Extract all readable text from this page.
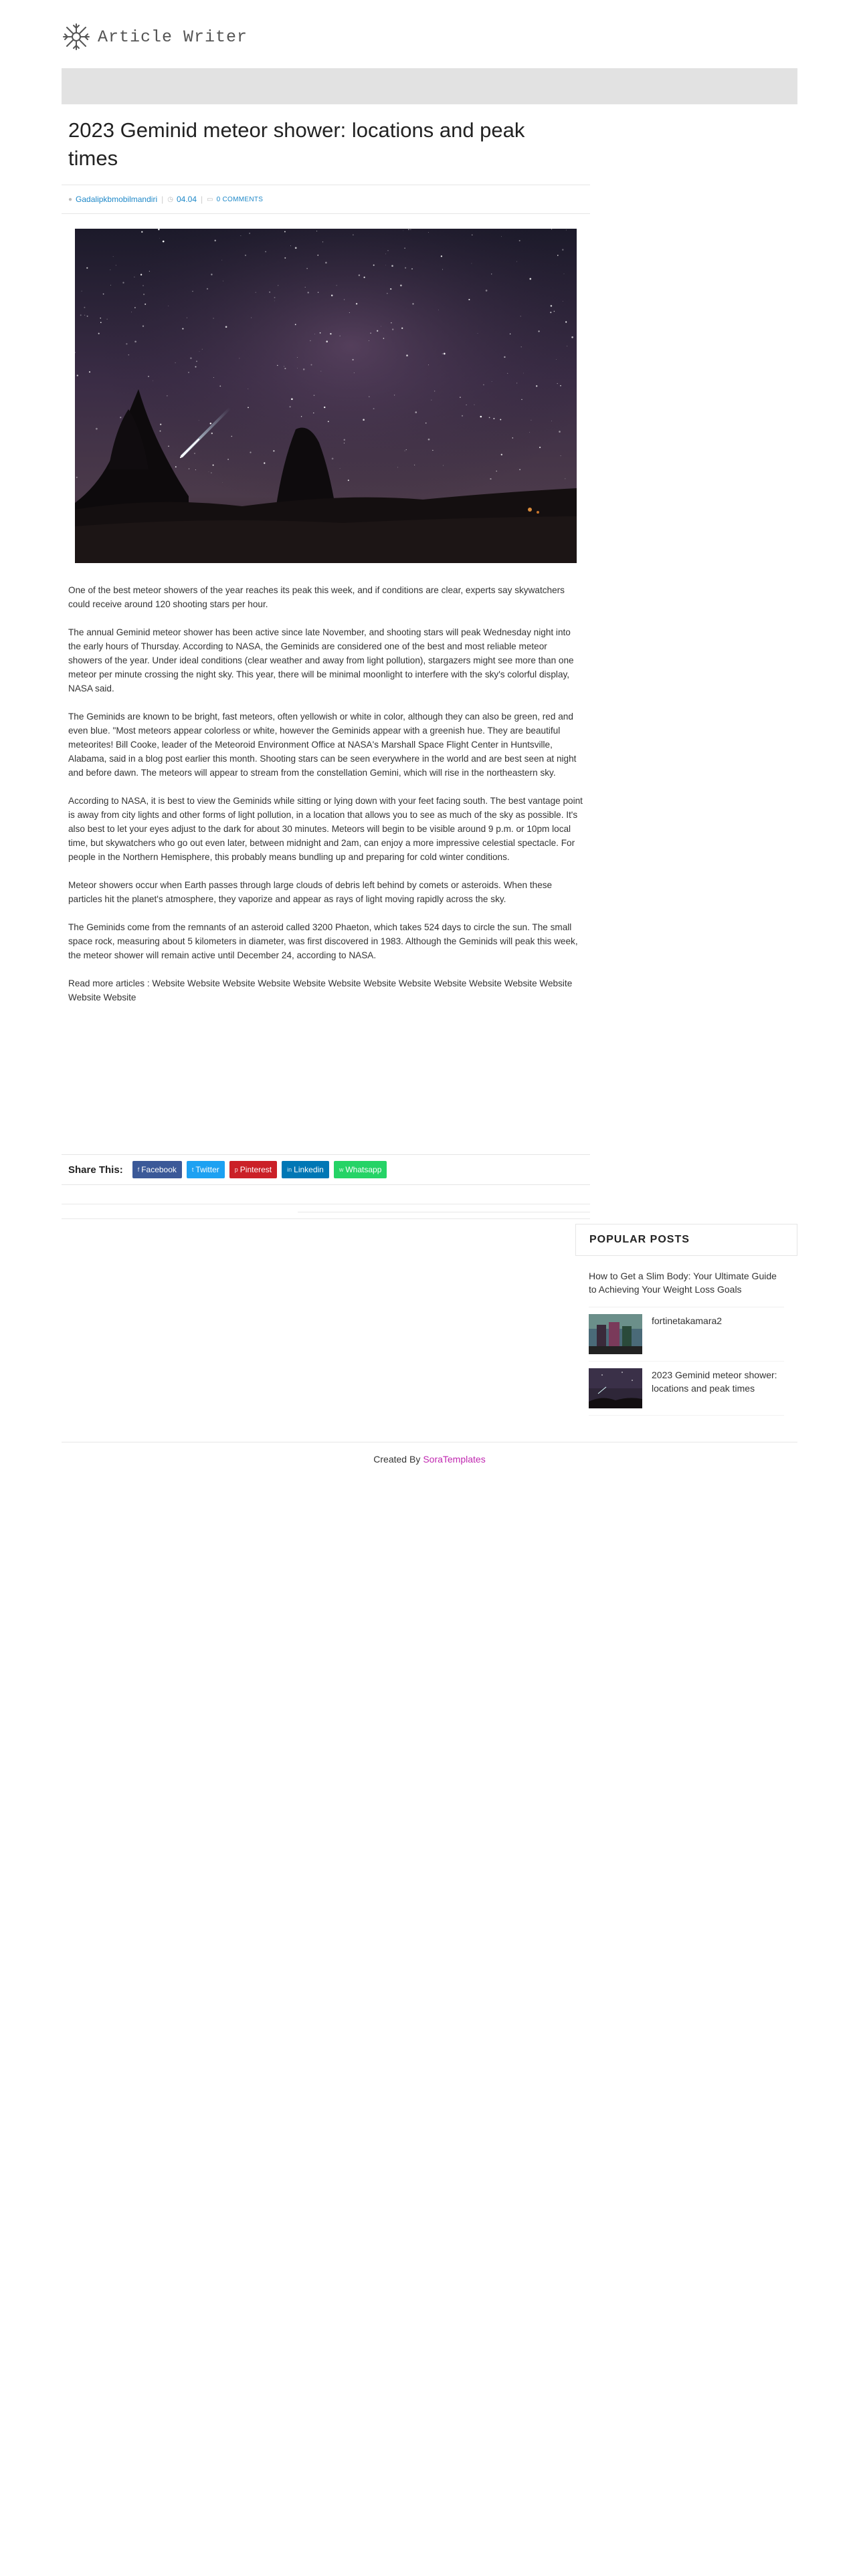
Article Writer
2023 Geminid meteor shower: locations and peak times
● Gadalipkbmobilmandiri | ◷ 04.04 | ▭ 0 COMMENTS

One of the best meteor showers of the year reaches its peak this week, and if conditions are clear, experts say skywatchers could receive around 120 shooting stars per hour.

The annual Geminid meteor shower has been active since late November, and shooting stars will peak Wednesday night into the early hours of Thursday. According to NASA, the Geminids are considered one of the best and most reliable meteor showers of the year. Under ideal conditions (clear weather and away from light pollution), stargazers might see more than one meteor per minute crossing the night sky. This year, there will be minimal moonlight to interfere with the sky's colorful display, NASA said.

The Geminids are known to be bright, fast meteors, often yellowish or white in color, although they can also be green, red and even blue. "Most meteors appear colorless or white, however the Geminids appear with a greenish hue. They are beautiful meteorites! Bill Cooke, leader of the Meteoroid Environment Office at NASA's Marshall Space Flight Center in Huntsville, Alabama, said in a blog post earlier this month. Shooting stars can be seen everywhere in the world and are best seen at night and before dawn. The meteors will appear to stream from the constellation Gemini, which will rise in the northeastern sky.

According to NASA, it is best to view the Geminids while sitting or lying down with your feet facing south. The best vantage point is away from city lights and other forms of light pollution, in a location that allows you to see as much of the sky as possible. It's also best to let your eyes adjust to the dark for about 30 minutes. Meteors will begin to be visible around 9 p.m. or 10pm local time, but skywatchers who go out even later, between midnight and 2am, can enjoy a more impressive celestial spectacle. For people in the Northern Hemisphere, this probably means bundling up and preparing for cold winter conditions.

Meteor showers occur when Earth passes through large clouds of debris left behind by comets or asteroids. When these particles hit the planet's atmosphere, they vaporize and appear as rays of light moving rapidly across the sky.

The Geminids come from the remnants of an asteroid called 3200 Phaeton, which takes 524 days to circle the sun. The small space rock, measuring about 5 kilometers in diameter, was first discovered in 1983. Although the Geminids will peak this week, the meteor shower will remain active until December 24, according to NASA.

Read more articles : Website Website Website Website Website Website Website Website Website Website Website Website Website Website
Share This: f Facebook	t Twitter	p Pinterest	in Linkedin	w Whatsapp
POPULAR POSTS
How to Get a Slim Body: Your Ultimate Guide to Achieving Your Weight Loss Goals
fortinetakamara2
2023 Geminid meteor shower: locations and peak times
Created By SoraTemplates
